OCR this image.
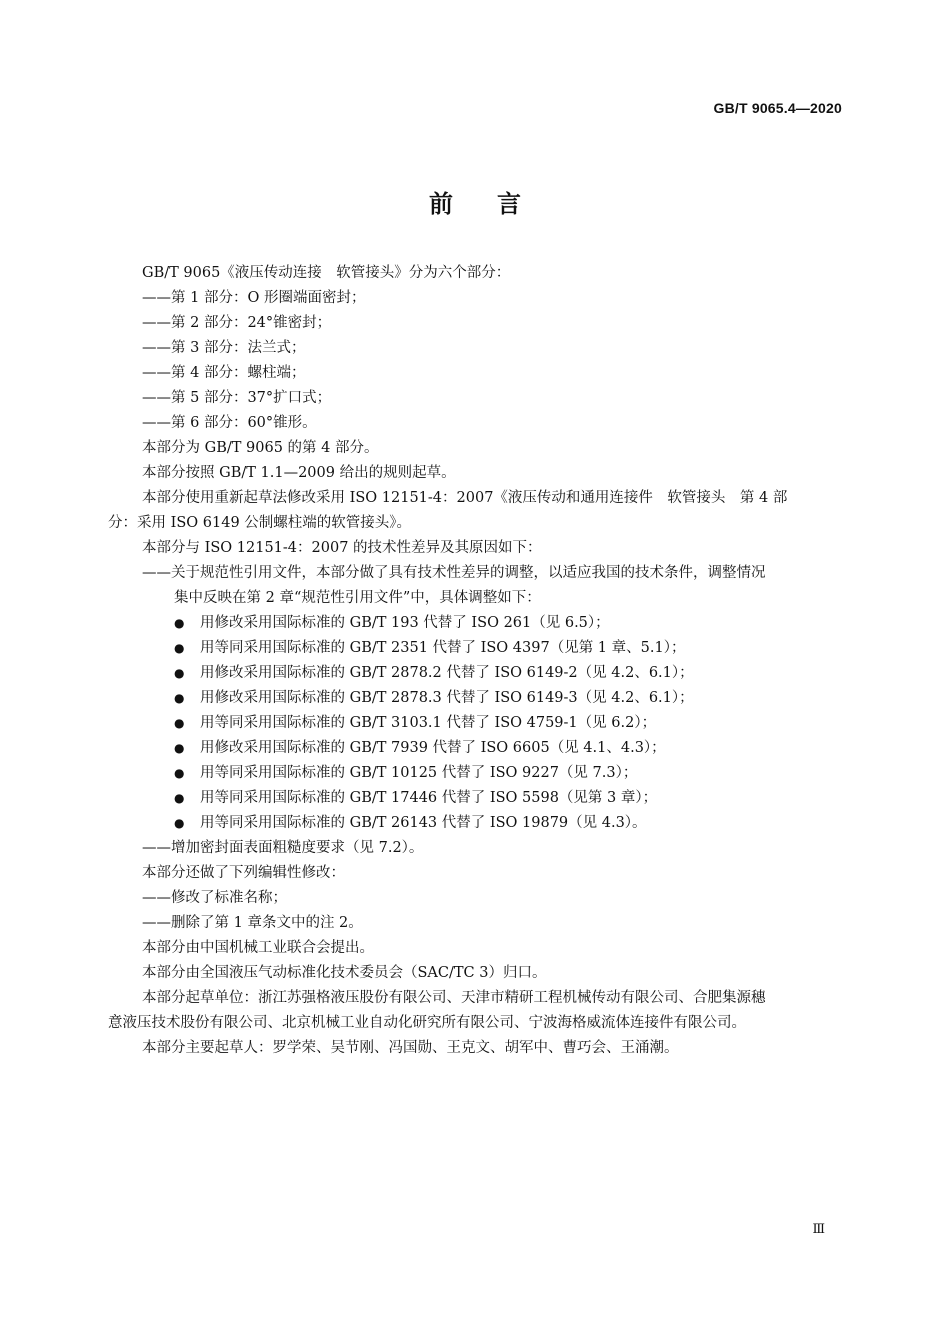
GB/T 9065.4—2020
前言
GB/T 9065《液压传动连接　软管接头》分为六个部分：
——第 1 部分：O 形圈端面密封；
——第 2 部分：24°锥密封；
——第 3 部分：法兰式；
——第 4 部分：螺柱端；
——第 5 部分：37°扩口式；
——第 6 部分：60°锥形。
本部分为 GB/T 9065 的第 4 部分。
本部分按照 GB/T 1.1—2009 给出的规则起草。
本部分使用重新起草法修改采用 ISO 12151-4：2007《液压传动和通用连接件　软管接头　第 4 部
分：采用 ISO 6149 公制螺柱端的软管接头》。
本部分与 ISO 12151-4：2007 的技术性差异及其原因如下：
——关于规范性引用文件，本部分做了具有技术性差异的调整，以适应我国的技术条件，调整情况
集中反映在第 2 章“规范性引用文件”中，具体调整如下：
● 用修改采用国际标准的 GB/T 193 代替了 ISO 261（见 6.5）；
● 用等同采用国际标准的 GB/T 2351 代替了 ISO 4397（见第 1 章、5.1）；
● 用修改采用国际标准的 GB/T 2878.2 代替了 ISO 6149-2（见 4.2、6.1）；
● 用修改采用国际标准的 GB/T 2878.3 代替了 ISO 6149-3（见 4.2、6.1）；
● 用等同采用国际标准的 GB/T 3103.1 代替了 ISO 4759-1（见 6.2）；
● 用修改采用国际标准的 GB/T 7939 代替了 ISO 6605（见 4.1、4.3）；
● 用等同采用国际标准的 GB/T 10125 代替了 ISO 9227（见 7.3）；
● 用等同采用国际标准的 GB/T 17446 代替了 ISO 5598（见第 3 章）；
● 用等同采用国际标准的 GB/T 26143 代替了 ISO 19879（见 4.3）。
——增加密封面表面粗糙度要求（见 7.2）。
本部分还做了下列编辑性修改：
——修改了标准名称；
——删除了第 1 章条文中的注 2。
本部分由中国机械工业联合会提出。
本部分由全国液压气动标准化技术委员会（SAC/TC 3）归口。
本部分起草单位：浙江苏强格液压股份有限公司、天津市精研工程机械传动有限公司、合肥集源穗
意液压技术股份有限公司、北京机械工业自动化研究所有限公司、宁波海格威流体连接件有限公司。
本部分主要起草人：罗学荣、吴节刚、冯国勋、王克文、胡军中、曹巧会、王涌潮。
Ⅲ
